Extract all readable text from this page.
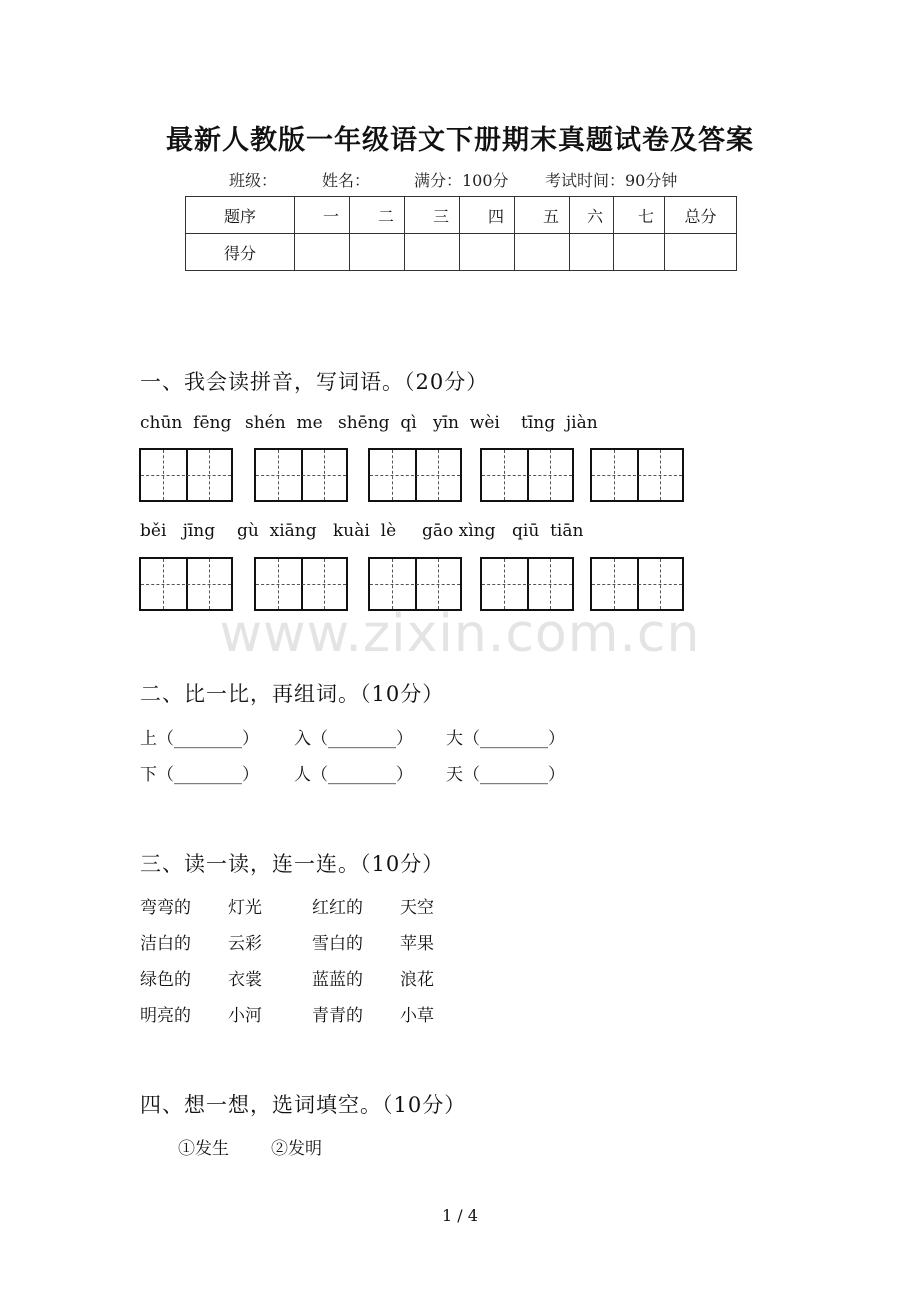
最新人教版一年级语文下册期末真题试卷及答案
班级：	姓名：	满分：100分 考试时间：90分钟
题序	一	二	三	四	五	六	七	总分
得分								
一、我会读拼音，写词语。（20分）
chūn  fēng shén  me shēng  qì yīn  wèi tīng  jiàn
běi   jīng gù  xiāng kuài  lè gāo xìng qiū  tiān
www.zixin.com.cn
二、比一比，再组词。（10分）
上（________） 入（________） 大（________）
下（________） 人（________） 天（________）
三、读一读，连一连。（10分）
弯弯的 灯光	红红的 天空
洁白的 云彩	雪白的 苹果
绿色的 衣裳	蓝蓝的 浪花
明亮的 小河	青青的 小草
四、想一想，选词填空。（10分）
①发生 ②发明
1 / 4
